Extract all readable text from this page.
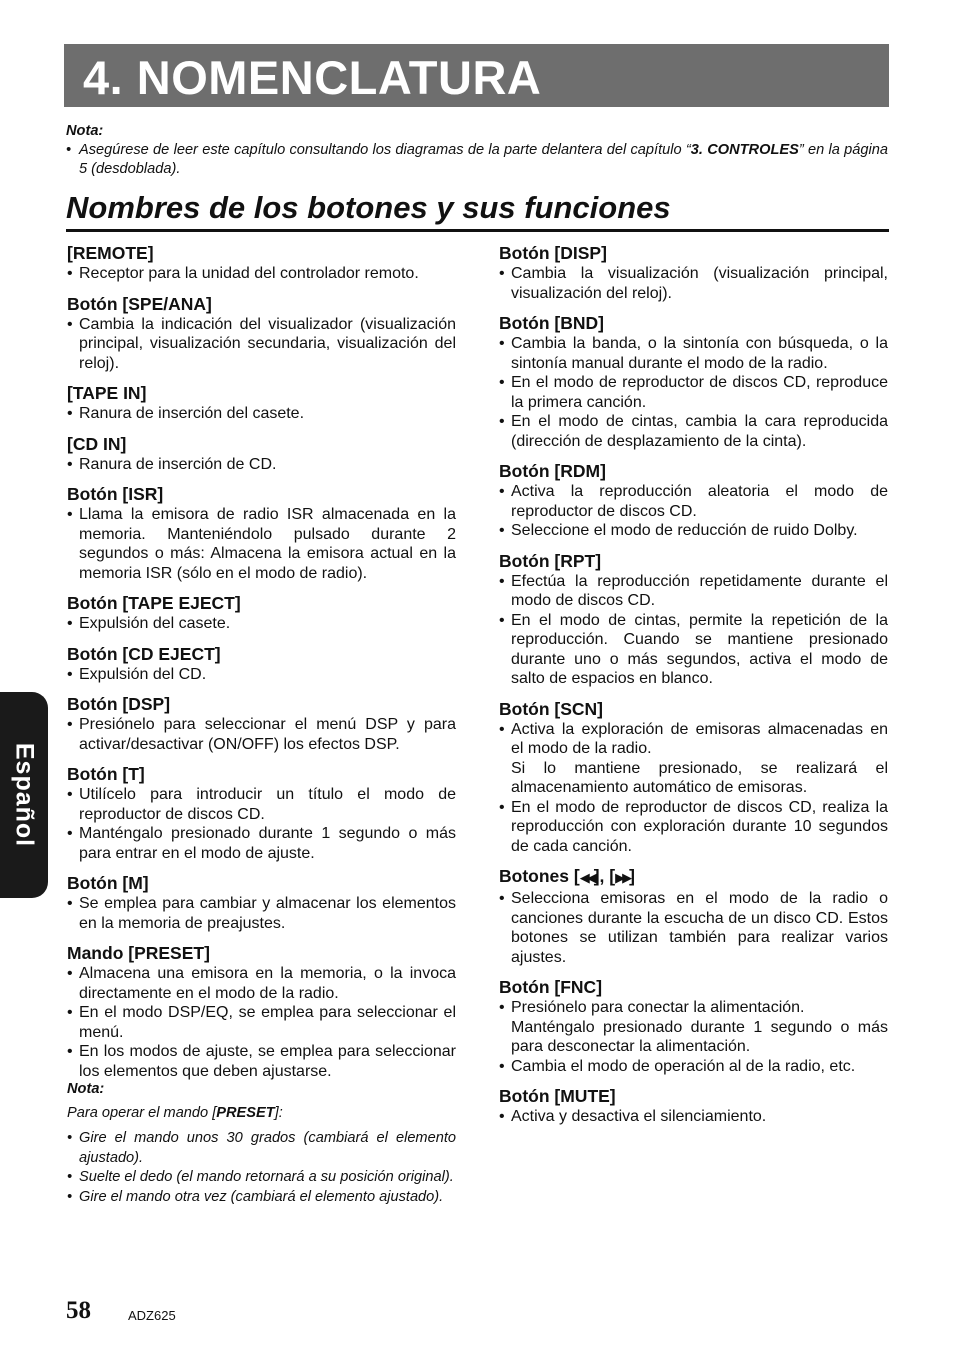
4. NOMENCLATURA
Nota:
• Asegúrese de leer este capítulo consultando los diagramas de la parte delantera del capítulo “3. CONTROLES” en la página 5 (desdoblada).
Nombres de los botones y sus funciones
[REMOTE]
• Receptor para la unidad del controlador remoto.
Botón [SPE/ANA]
• Cambia la indicación del visualizador (visualización principal, visualización secundaria, visualización del reloj).
[TAPE IN]
• Ranura de inserción del casete.
[CD IN]
• Ranura de inserción de CD.
Botón [ISR]
• Llama la emisora de radio ISR almacenada en la memoria. Manteniéndolo pulsado durante 2 segundos o más: Almacena la emisora actual en la memoria ISR (sólo en el modo de radio).
Botón [TAPE EJECT]
• Expulsión del casete.
Botón [CD EJECT]
• Expulsión del CD.
Botón [DSP]
• Presiónelo para seleccionar el menú DSP y para activar/desactivar (ON/OFF) los efectos DSP.
Botón [T]
• Utilícelo para introducir un título el modo de reproductor de discos CD.
• Manténgalo presionado durante 1 segundo o más para entrar en el modo de ajuste.
Botón [M]
• Se emplea para cambiar y almacenar los elementos en la memoria de preajustes.
Mando [PRESET]
• Almacena una emisora en la memoria, o la invoca directamente en el modo de la radio.
• En el modo DSP/EQ, se emplea para seleccionar el menú.
• En los modos de ajuste, se emplea para seleccionar los elementos que deben ajustarse.
Nota:
Para operar el mando [PRESET]:
• Gire el mando unos 30 grados (cambiará el elemento ajustado).
• Suelte el dedo (el mando retornará a su posición original).
• Gire el mando otra vez (cambiará el elemento ajustado).
Botón [DISP]
• Cambia la visualización (visualización principal, visualización del reloj).
Botón [BND]
• Cambia la banda, o la sintonía con búsqueda, o la sintonía manual durante el modo de la radio.
• En el modo de reproductor de discos CD, reproduce la primera canción.
• En el modo de cintas, cambia la cara reproducida (dirección de desplazamiento de la cinta).
Botón [RDM]
• Activa la reproducción aleatoria el modo de reproductor de discos CD.
• Seleccione el modo de reducción de ruido Dolby.
Botón [RPT]
• Efectúa la reproducción repetidamente durante el modo de discos CD.
• En el modo de cintas, permite la repetición de la reproducción. Cuando se mantiene presionado durante uno o más segundos, activa el modo de salto de espacios en blanco.
Botón [SCN]
• Activa la exploración de emisoras almacenadas en el modo de la radio.
Si lo mantiene presionado, se realizará el almacenamiento automático de emisoras.
• En el modo de reproductor de discos CD, realiza la reproducción con exploración durante 10 segundos de cada canción.
Botones [◀◀], [▶▶]
• Selecciona emisoras en el modo de la radio o canciones durante la escucha de un disco CD. Estos botones se utilizan también para realizar varios ajustes.
Botón [FNC]
• Presiónelo para conectar la alimentación.
Manténgalo presionado durante 1 segundo o más para desconectar la alimentación.
• Cambia el modo de operación al de la radio, etc.
Botón [MUTE]
• Activa y desactiva el silenciamiento.
Español
58	ADZ625
